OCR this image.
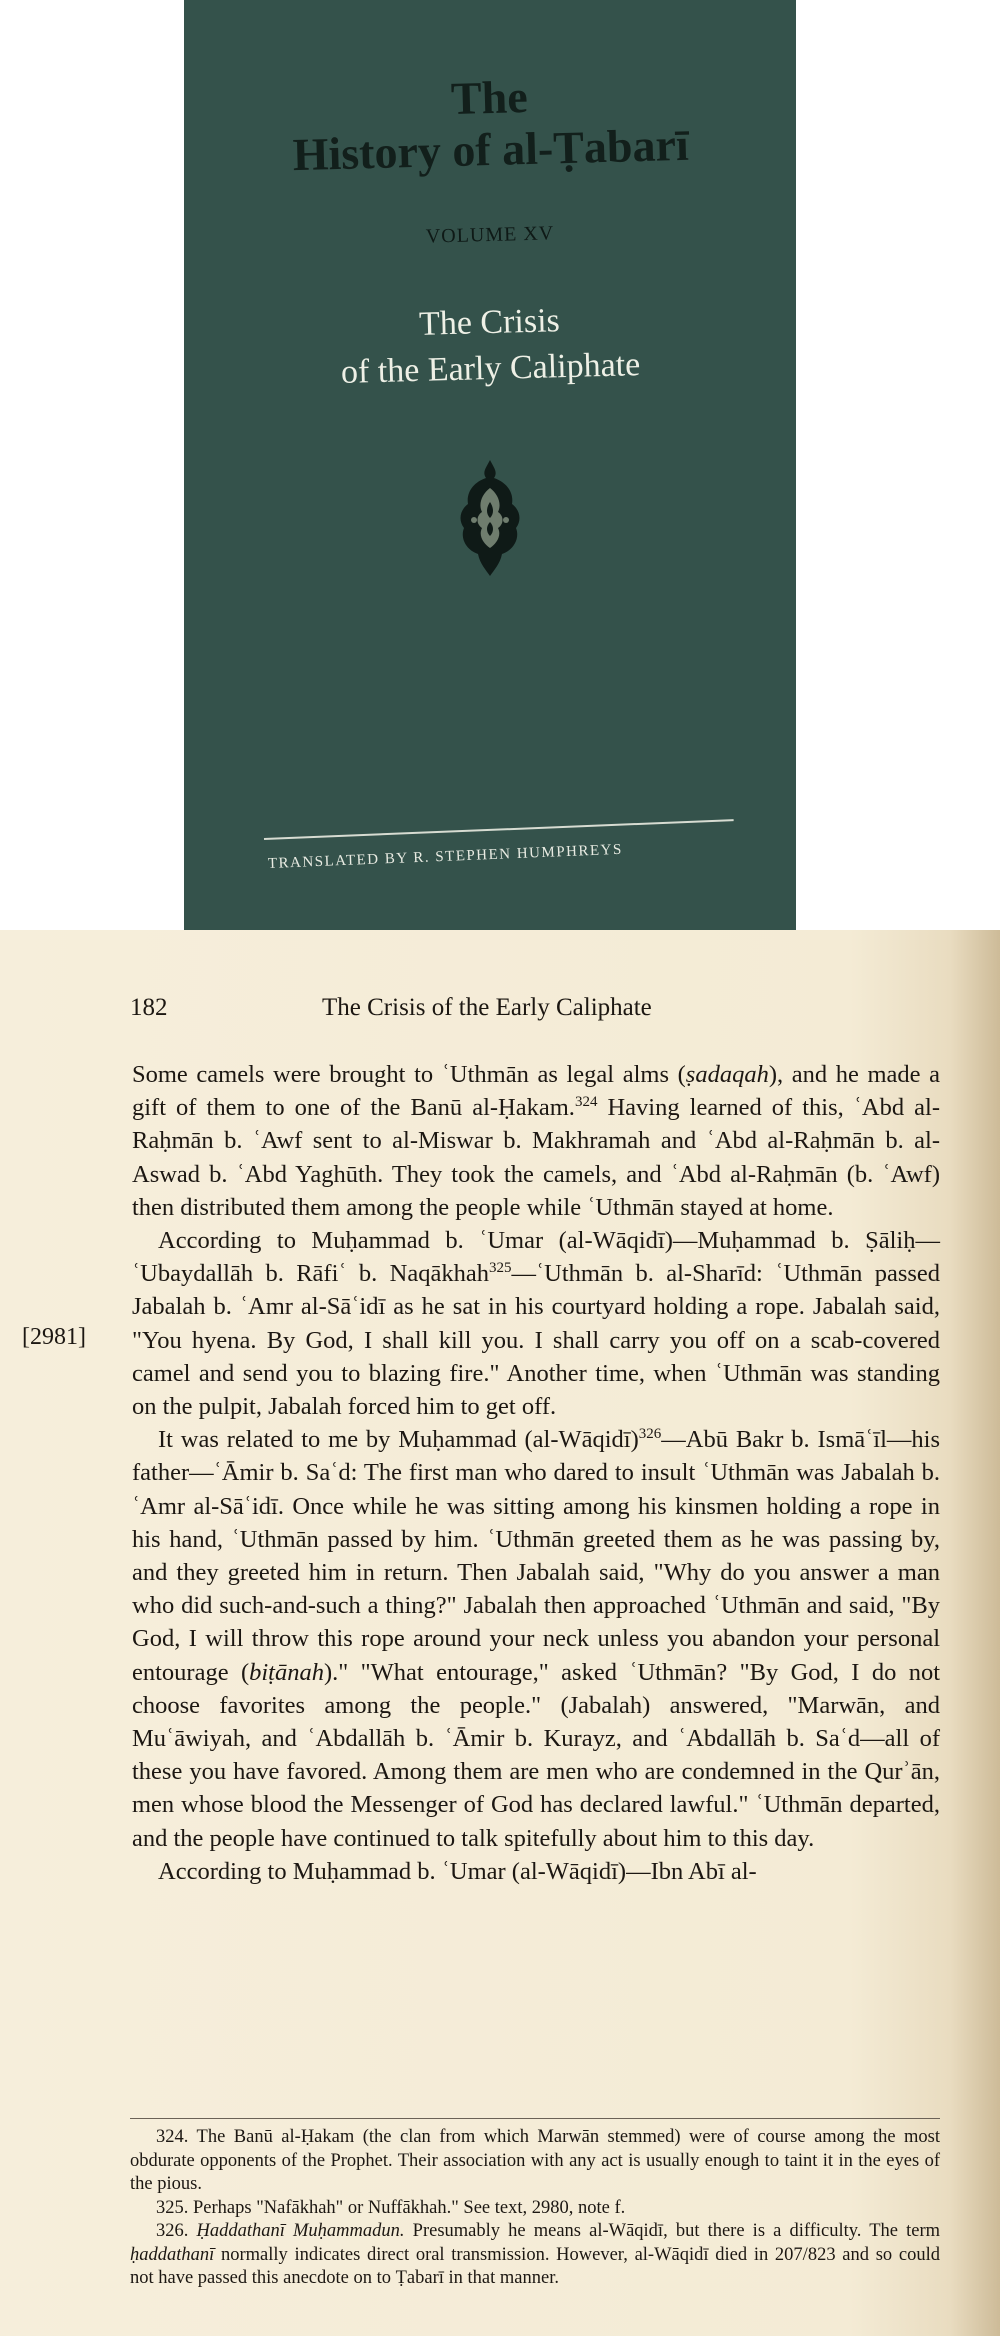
The
History of al-Ṭabarī
VOLUME XV
The Crisis
of the Early Caliphate
TRANSLATED BY R. STEPHEN HUMPHREYS
182	The Crisis of the Early Caliphate
[2981]

Some camels were brought to ʿUthmān as legal alms (ṣadaqah), and he made a gift of them to one of the Banū al-Ḥakam.$^{324}$ Having learned of this, ʿAbd al-Raḥmān b. ʿAwf sent to al-Miswar b. Makhramah and ʿAbd al-Raḥmān b. al-Aswad b. ʿAbd Yaghūth. They took the camels, and ʿAbd al-Raḥmān (b. ʿAwf) then distributed them among the people while ʿUthmān stayed at home.

According to Muḥammad b. ʿUmar (al-Wāqidī)—Muḥammad b. Ṣāliḥ—ʿUbaydallāh b. Rāfiʿ b. Naqākhah$^{325}$—ʿUthmān b. al-Sharīd: ʿUthmān passed Jabalah b. ʿAmr al-Sāʿidī as he sat in his courtyard holding a rope. Jabalah said, "You hyena. By God, I shall kill you. I shall carry you off on a scab-covered camel and send you to blazing fire." Another time, when ʿUthmān was standing on the pulpit, Jabalah forced him to get off.

It was related to me by Muḥammad (al-Wāqidī)$^{326}$—Abū Bakr b. Ismāʿīl—his father—ʿĀmir b. Saʿd: The first man who dared to insult ʿUthmān was Jabalah b. ʿAmr al-Sāʿidī. Once while he was sitting among his kinsmen holding a rope in his hand, ʿUthmān passed by him. ʿUthmān greeted them as he was passing by, and they greeted him in return. Then Jabalah said, "Why do you answer a man who did such-and-such a thing?" Jabalah then approached ʿUthmān and said, "By God, I will throw this rope around your neck unless you abandon your personal entourage (biṭānah)." "What entourage," asked ʿUthmān? "By God, I do not choose favorites among the people." (Jabalah) answered, "Marwān, and Muʿāwiyah, and ʿAbdallāh b. ʿĀmir b. Kurayz, and ʿAbdallāh b. Saʿd—all of these you have favored. Among them are men who are condemned in the Qurʾān, men whose blood the Messenger of God has declared lawful." ʿUthmān departed, and the people have continued to talk spitefully about him to this day.

According to Muḥammad b. ʿUmar (al-Wāqidī)—Ibn Abī al-

324. The Banū al-Ḥakam (the clan from which Marwān stemmed) were of course among the most obdurate opponents of the Prophet. Their association with any act is usually enough to taint it in the eyes of the pious.

325. Perhaps "Nafākhah" or Nuffākhah." See text, 2980, note f.

326. Ḥaddathanī Muḥammadun. Presumably he means al-Wāqidī, but there is a difficulty. The term ḥaddathanī normally indicates direct oral transmission. However, al-Wāqidī died in 207/823 and so could not have passed this anecdote on to Ṭabarī in that manner.
